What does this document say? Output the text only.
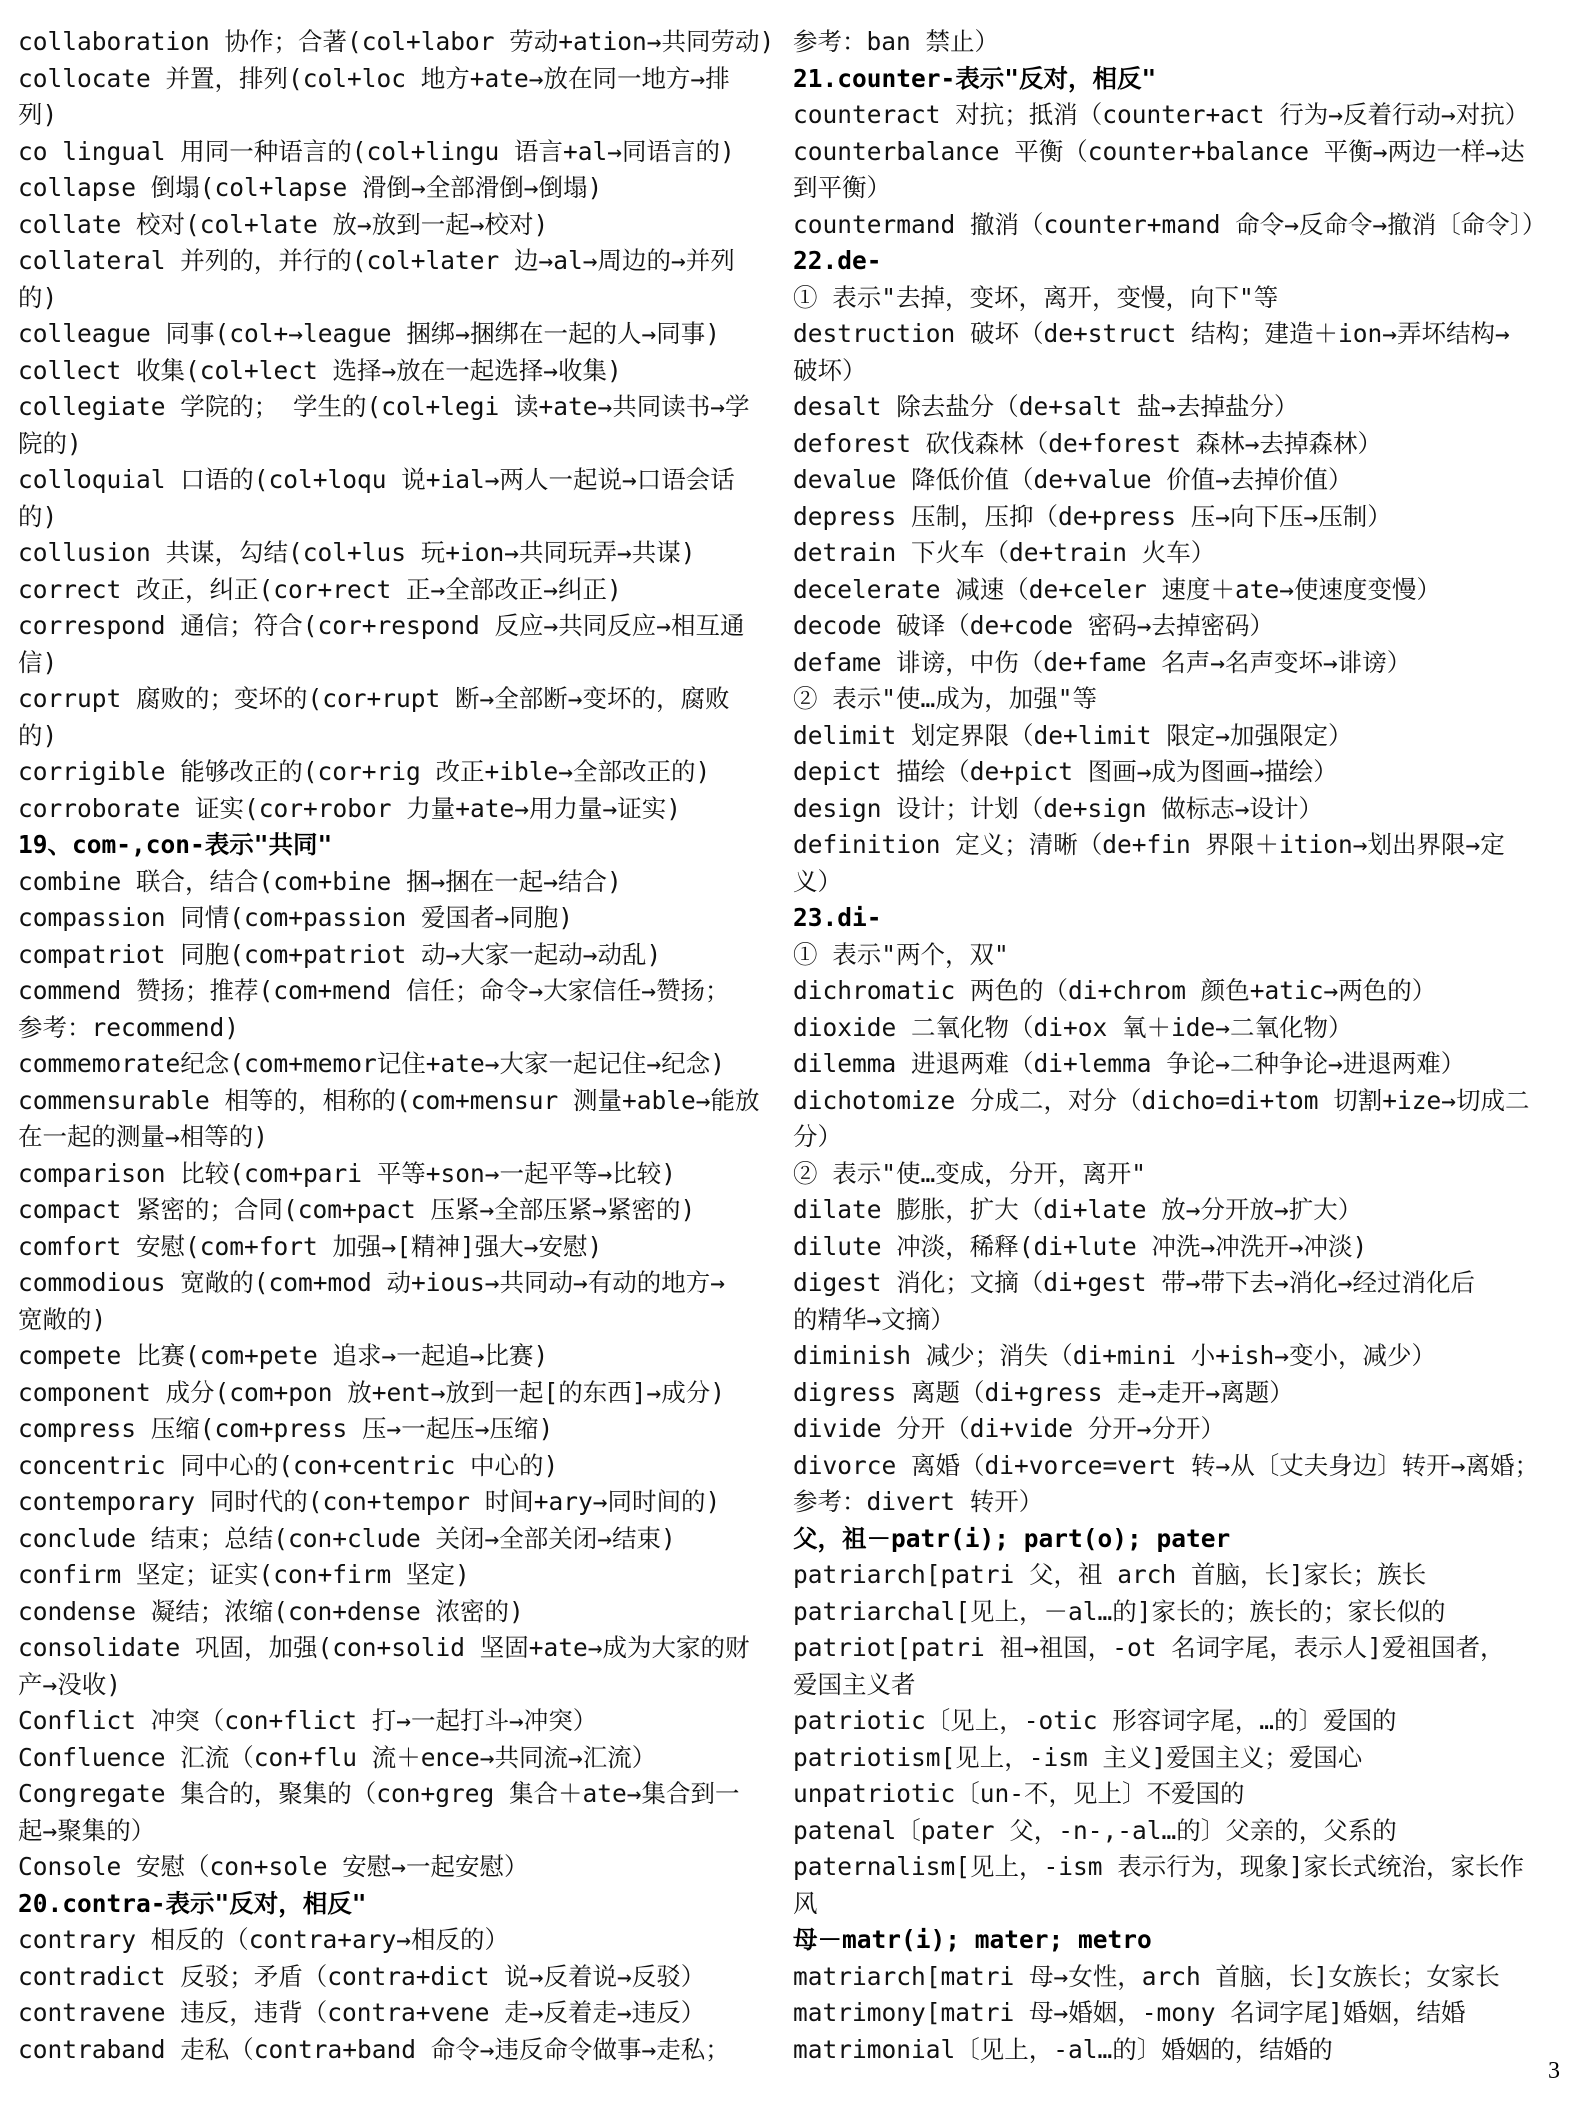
collaboration 协作；合著(col+labor 劳动+ation→共同劳动)
collocate 并置，排列(col+loc 地方+ate→放在同一地方→排
列)
co lingual 用同一种语言的(col+lingu 语言+al→同语言的)
collapse 倒塌(col+lapse 滑倒→全部滑倒→倒塌)
collate 校对(col+late 放→放到一起→校对)
collateral 并列的，并行的(col+later 边→al→周边的→并列
的)
colleague 同事(col+→league 捆绑→捆绑在一起的人→同事)
collect 收集(col+lect 选择→放在一起选择→收集)
collegiate 学院的； 学生的(col+legi 读+ate→共同读书→学
院的)
colloquial 口语的(col+loqu 说+ial→两人一起说→口语会话
的)
collusion 共谋，勾结(col+lus 玩+ion→共同玩弄→共谋)
correct 改正，纠正(cor+rect 正→全部改正→纠正)
correspond 通信；符合(cor+respond 反应→共同反应→相互通
信)
corrupt 腐败的；变坏的(cor+rupt 断→全部断→变坏的，腐败
的)
corrigible 能够改正的(cor+rig 改正+ible→全部改正的)
corroborate 证实(cor+robor 力量+ate→用力量→证实)
19、com-,con-表示"共同"
combine 联合，结合(com+bine 捆→捆在一起→结合)
compassion 同情(com+passion 爱国者→同胞)
compatriot 同胞(com+patriot 动→大家一起动→动乱)
commend 赞扬；推荐(com+mend 信任；命令→大家信任→赞扬；
参考：recommend)
commemorate纪念(com+memor记住+ate→大家一起记住→纪念)
commensurable 相等的，相称的(com+mensur 测量+able→能放
在一起的测量→相等的)
comparison 比较(com+pari 平等+son→一起平等→比较)
compact 紧密的；合同(com+pact 压紧→全部压紧→紧密的)
comfort 安慰(com+fort 加强→[精神]强大→安慰)
commodious 宽敞的(com+mod 动+ious→共同动→有动的地方→
宽敞的)
compete 比赛(com+pete 追求→一起追→比赛)
component 成分(com+pon 放+ent→放到一起[的东西]→成分)
compress 压缩(com+press 压→一起压→压缩)
concentric 同中心的(con+centric 中心的)
contemporary 同时代的(con+tempor 时间+ary→同时间的)
conclude 结束；总结(con+clude 关闭→全部关闭→结束)
confirm 坚定；证实(con+firm 坚定)
condense 凝结；浓缩(con+dense 浓密的)
consolidate 巩固，加强(con+solid 坚固+ate→成为大家的财
产→没收)
Conflict 冲突（con+flict 打→一起打斗→冲突）
Confluence 汇流（con+flu 流＋ence→共同流→汇流）
Congregate 集合的，聚集的（con+greg 集合＋ate→集合到一
起→聚集的）
Console 安慰（con+sole 安慰→一起安慰）
20.contra-表示"反对，相反"
contrary 相反的（contra+ary→相反的）
contradict 反驳；矛盾（contra+dict 说→反着说→反驳）
contravene 违反，违背（contra+vene 走→反着走→违反）
contraband 走私（contra+band 命令→违反命令做事→走私；
参考：ban 禁止）
21.counter-表示"反对，相反"
counteract 对抗；抵消（counter+act 行为→反着行动→对抗）
counterbalance 平衡（counter+balance 平衡→两边一样→达
到平衡）
countermand 撤消（counter+mand 命令→反命令→撤消〔命令〕）
22.de-
① 表示"去掉，变坏，离开，变慢，向下"等
destruction 破坏（de+struct 结构；建造＋ion→弄坏结构→
破坏）
desalt 除去盐分（de+salt 盐→去掉盐分）
deforest 砍伐森林（de+forest 森林→去掉森林）
devalue 降低价值（de+value 价值→去掉价值）
depress 压制，压抑（de+press 压→向下压→压制）
detrain 下火车（de+train 火车）
decelerate 减速（de+celer 速度＋ate→使速度变慢）
decode 破译（de+code 密码→去掉密码）
defame 诽谤，中伤（de+fame 名声→名声变坏→诽谤）
② 表示"使…成为，加强"等
delimit 划定界限（de+limit 限定→加强限定）
depict 描绘（de+pict 图画→成为图画→描绘）
design 设计；计划（de+sign 做标志→设计）
definition 定义；清晰（de+fin 界限＋ition→划出界限→定
义）
23.di-
① 表示"两个，双"
dichromatic 两色的（di+chrom 颜色+atic→两色的）
dioxide 二氧化物（di+ox 氧＋ide→二氧化物）
dilemma 进退两难（di+lemma 争论→二种争论→进退两难）
dichotomize 分成二，对分（dicho=di+tom 切割+ize→切成二
分）
② 表示"使…变成，分开，离开"
dilate 膨胀，扩大（di+late 放→分开放→扩大）
dilute 冲淡，稀释(di+lute 冲洗→冲洗开→冲淡)
digest 消化；文摘（di+gest 带→带下去→消化→经过消化后
的精华→文摘）
diminish 减少；消失（di+mini 小+ish→变小，减少）
digress 离题（di+gress 走→走开→离题）
divide 分开（di+vide 分开→分开）
divorce 离婚（di+vorce=vert 转→从〔丈夫身边〕转开→离婚；
参考：divert 转开）
父，祖－patr(i); part(o); pater
patriarch[patri 父，祖 arch 首脑，长]家长；族长
patriarchal[见上，－al…的]家长的；族长的；家长似的
patriot[patri 祖→祖国，-ot 名词字尾，表示人]爱祖国者，
爱国主义者
patriotic〔见上，-otic 形容词字尾，…的〕爱国的
patriotism[见上，-ism 主义]爱国主义；爱国心
unpatriotic〔un-不，见上〕不爱国的
patenal〔pater 父，-n-,-al…的〕父亲的，父系的
paternalism[见上，-ism 表示行为，现象]家长式统治，家长作
风
母－matr(i); mater; metro
matriarch[matri 母→女性，arch 首脑，长]女族长；女家长
matrimony[matri 母→婚姻，-mony 名词字尾]婚姻，结婚
matrimonial〔见上，-al…的〕婚姻的，结婚的
3
